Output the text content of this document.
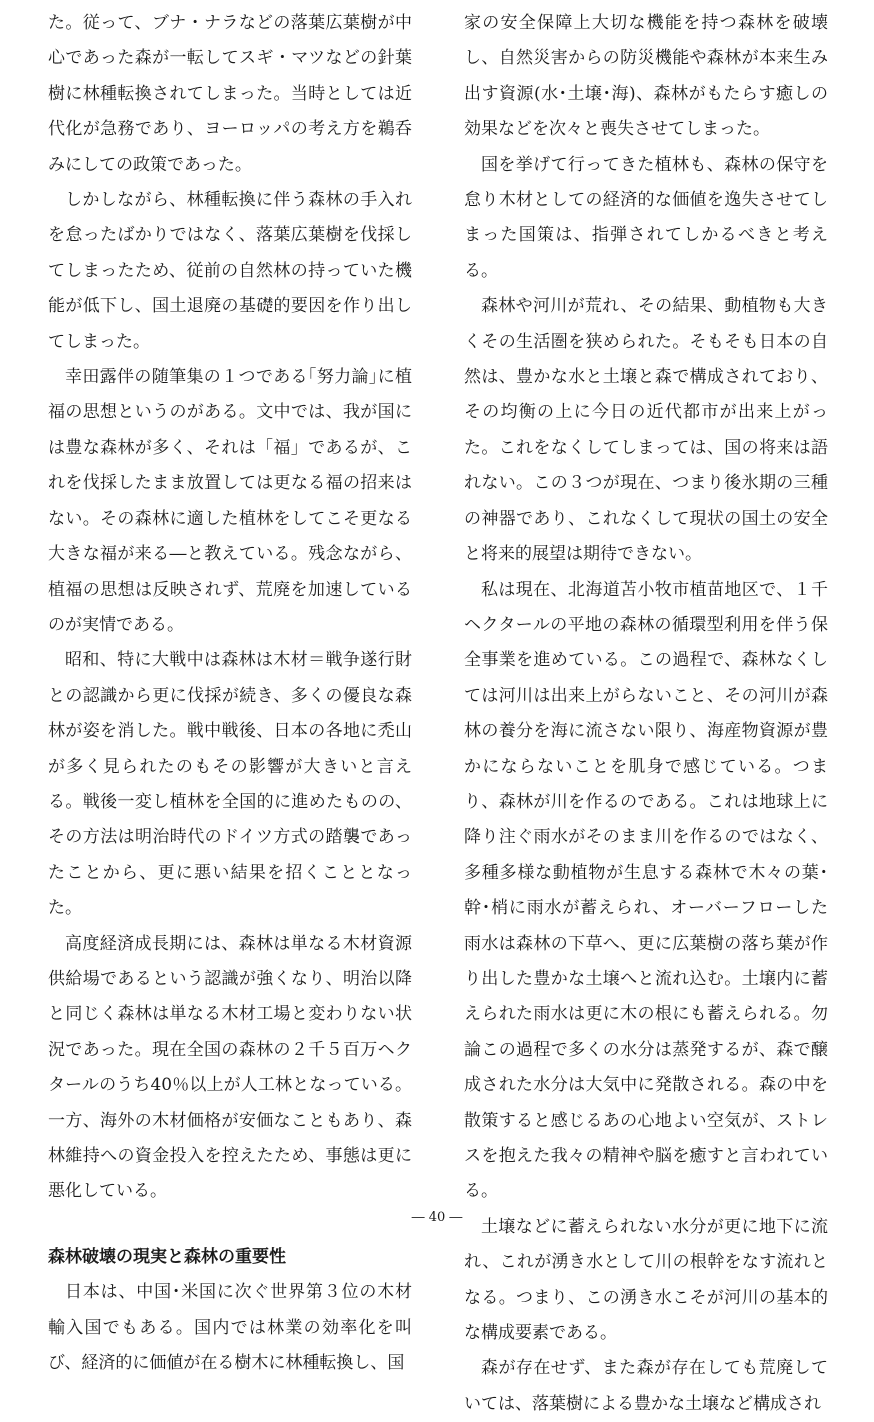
た。従って、ブナ・ナラなどの落葉広葉樹が中心であった森が一転してスギ・マツなどの針葉樹に林種転換されてしまった。当時としては近代化が急務であり、ヨーロッパの考え方を鵜呑みにしての政策であった。

しかしながら、林種転換に伴う森林の手入れを怠ったばかりではなく、落葉広葉樹を伐採してしまったため、従前の自然林の持っていた機能が低下し、国土退廃の基礎的要因を作り出してしまった。

幸田露伴の随筆集の１つである｢努力論｣に植福の思想というのがある。文中では、我が国には豊な森林が多く、それは「福」であるが、これを伐採したまま放置しては更なる福の招来はない。その森林に適した植林をしてこそ更なる大きな福が来る―と教えている。残念ながら、植福の思想は反映されず、荒廃を加速しているのが実情である。

昭和、特に大戦中は森林は木材＝戦争遂行財との認識から更に伐採が続き、多くの優良な森林が姿を消した。戦中戦後、日本の各地に禿山が多く見られたのもその影響が大きいと言える。戦後一変し植林を全国的に進めたものの、その方法は明治時代のドイツ方式の踏襲であったことから、更に悪い結果を招くこととなった。

高度経済成長期には、森林は単なる木材資源供給場であるという認識が強くなり、明治以降と同じく森林は単なる木材工場と変わりない状況であった。現在全国の森林の２千５百万ヘクタールのうち40％以上が人工林となっている。一方、海外の木材価格が安価なこともあり、森林維持への資金投入を控えたため、事態は更に悪化している。

森林破壊の現実と森林の重要性

日本は、中国･米国に次ぐ世界第３位の木材輸入国でもある。国内では林業の効率化を叫び、経済的に価値が在る樹木に林種転換し、国

家の安全保障上大切な機能を持つ森林を破壊し、自然災害からの防災機能や森林が本来生み出す資源(水･土壌･海)、森林がもたらす癒しの効果などを次々と喪失させてしまった。

国を挙げて行ってきた植林も、森林の保守を怠り木材としての経済的な価値を逸失させてしまった国策は、指弾されてしかるべきと考える。

森林や河川が荒れ、その結果、動植物も大きくその生活圏を狭められた。そもそも日本の自然は、豊かな水と土壌と森で構成されており、その均衡の上に今日の近代都市が出来上がった。これをなくしてしまっては、国の将来は語れない。この３つが現在、つまり後氷期の三種の神器であり、これなくして現状の国土の安全と将来的展望は期待できない。

私は現在、北海道苫小牧市植苗地区で、１千ヘクタールの平地の森林の循環型利用を伴う保全事業を進めている。この過程で、森林なくしては河川は出来上がらないこと、その河川が森林の養分を海に流さない限り、海産物資源が豊かにならないことを肌身で感じている。つまり、森林が川を作るのである。これは地球上に降り注ぐ雨水がそのまま川を作るのではなく、多種多様な動植物が生息する森林で木々の葉･幹･梢に雨水が蓄えられ、オーバーフローした雨水は森林の下草へ、更に広葉樹の落ち葉が作り出した豊かな土壌へと流れ込む。土壌内に蓄えられた雨水は更に木の根にも蓄えられる。勿論この過程で多くの水分は蒸発するが、森で醸成された水分は大気中に発散される。森の中を散策すると感じるあの心地よい空気が、ストレスを抱えた我々の精神や脳を癒すと言われている。

土壌などに蓄えられない水分が更に地下に流れ、これが湧き水として川の根幹をなす流れとなる。つまり、この湧き水こそが河川の基本的な構成要素である。

森が存在せず、また森が存在しても荒廃していては、落葉樹による豊かな土壌など構成され

― 40 ―
